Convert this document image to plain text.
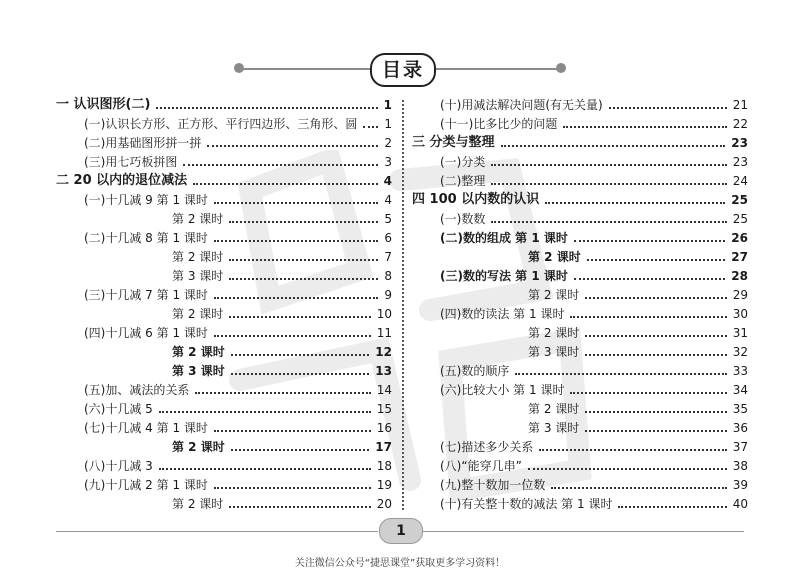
目录
一 认识图形(二)	1
(一)认识长方形、正方形、平行四边形、三角形、圆 1
(二)用基础图形拼一拼	2
(三)用七巧板拼图	3
二 20 以内的退位减法	4
(一)十几减 9 第 1 课时	4
第 2 课时	5
(二)十几减 8 第 1 课时	6
第 2 课时	7
第 3 课时	8
(三)十几减 7 第 1 课时	9
第 2 课时	10
(四)十几减 6 第 1 课时	11
第 2 课时	12
第 3 课时	13
(五)加、减法的关系	14
(六)十几减 5	15
(七)十几减 4 第 1 课时	16
第 2 课时	17
(八)十几减 3	18
(九)十几减 2 第 1 课时	19
第 2 课时	20
(十)用减法解决问题(有无关量)	21
(十一)比多比少的问题	22
三 分类与整理	23
(一)分类	23
(二)整理	24
四 100 以内数的认识	25
(一)数数	25
(二)数的组成 第 1 课时	26
第 2 课时	27
(三)数的写法 第 1 课时	28
第 2 课时	29
(四)数的读法 第 1 课时	30
第 2 课时	31
第 3 课时	32
(五)数的顺序	33
(六)比较大小 第 1 课时	34
第 2 课时	35
第 3 课时	36
(七)描述多少关系	37
(八)“能穿几串”	38
(九)整十数加一位数	39
(十)有关整十数的减法 第 1 课时	40
1
关注微信公众号“捷思课堂”获取更多学习资料！
